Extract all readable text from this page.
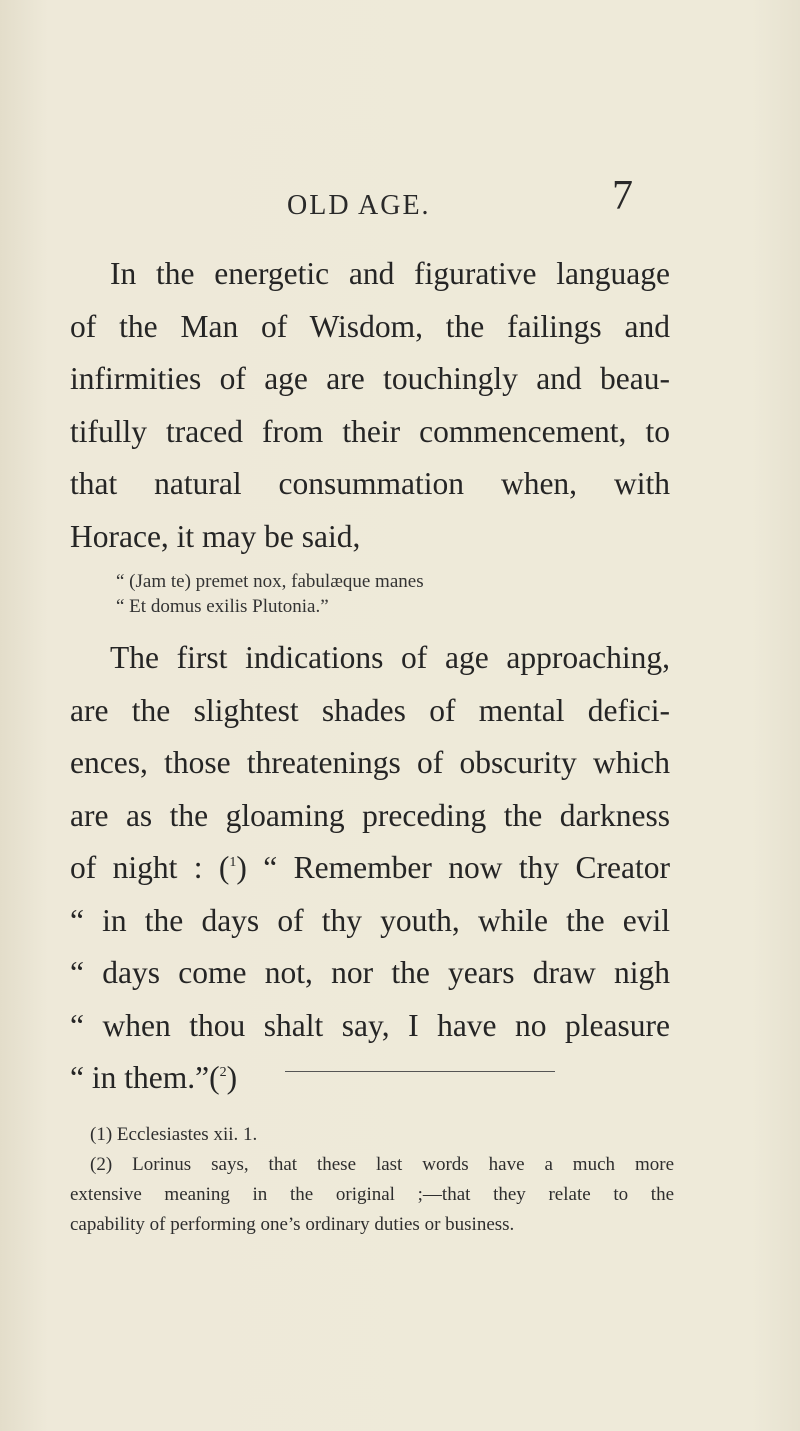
OLD AGE.	7
In the energetic and figurative language
of the Man of Wisdom, the failings and
infirmities of age are touchingly and beau-
tifully traced from their commencement, to
that natural consummation when, with
Horace, it may be said,
“ (Jam te) premet nox, fabulæque manes
“ Et domus exilis Plutonia.”
The first indications of age approaching,
are the slightest shades of mental defici-
ences, those threatenings of obscurity which
are as the gloaming preceding the darkness
of night : ($^1$) “ Remember now thy Creator
“ in the days of thy youth, while the evil
“ days come not, nor the years draw nigh
“ when thou shalt say, I have no pleasure
“ in them.”($^2$)
(1) Ecclesiastes xii. 1.
(2) Lorinus says, that these last words have a much more
extensive meaning in the original ;—that they relate to the
capability of performing one’s ordinary duties or business.
